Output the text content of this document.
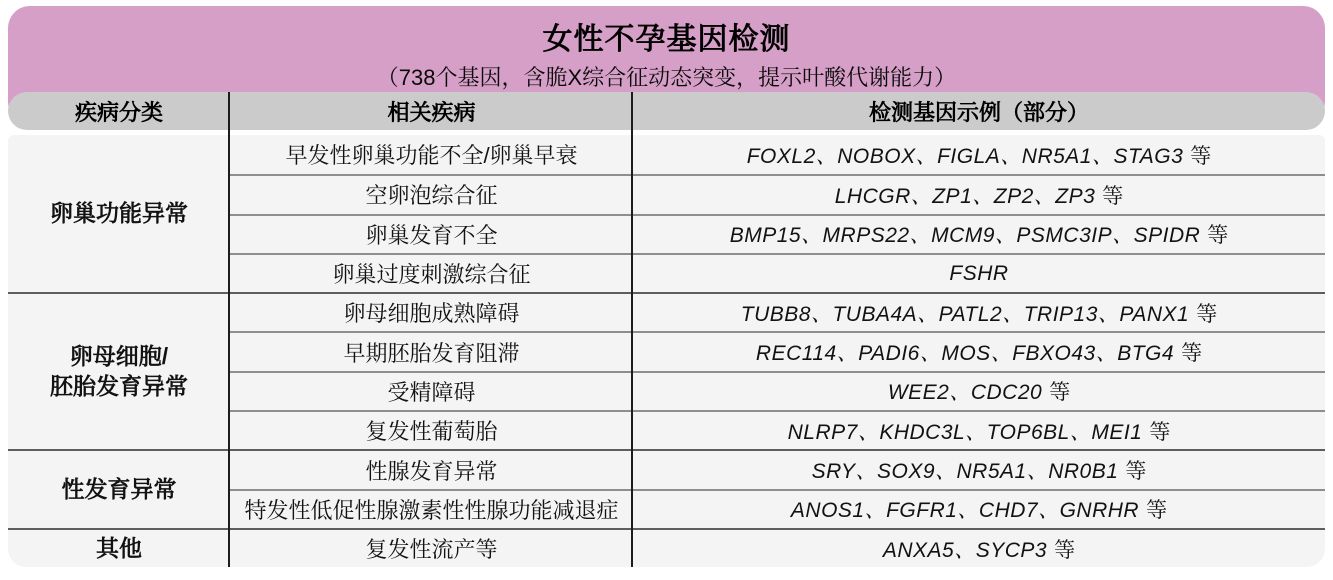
女性不孕基因检测
（738个基因，含脆X综合征动态突变，提示叶酸代谢能力）
疾病分类	相关疾病	检测基因示例（部分）
卵巢功能异常
早发性卵巢功能不全/卵巢早衰	FOXL2、NOBOX、FIGLA、NR5A1、STAG3 等
空卵泡综合征	LHCGR、ZP1、ZP2、ZP3 等
卵巢发育不全	BMP15、MRPS22、MCM9、PSMC3IP、SPIDR 等
卵巢过度刺激综合征	FSHR
卵母细胞/
胚胎发育异常
卵母细胞成熟障碍	TUBB8、TUBA4A、PATL2、TRIP13、PANX1 等
早期胚胎发育阻滞	REC114、PADI6、MOS、FBXO43、BTG4 等
受精障碍	WEE2、CDC20 等
复发性葡萄胎	NLRP7、KHDC3L、TOP6BL、MEI1 等
性发育异常
性腺发育异常	SRY、SOX9、NR5A1、NR0B1 等
特发性低促性腺激素性性腺功能减退症	ANOS1、FGFR1、CHD7、GNRHR 等
其他	复发性流产等	ANXA5、SYCP3 等
